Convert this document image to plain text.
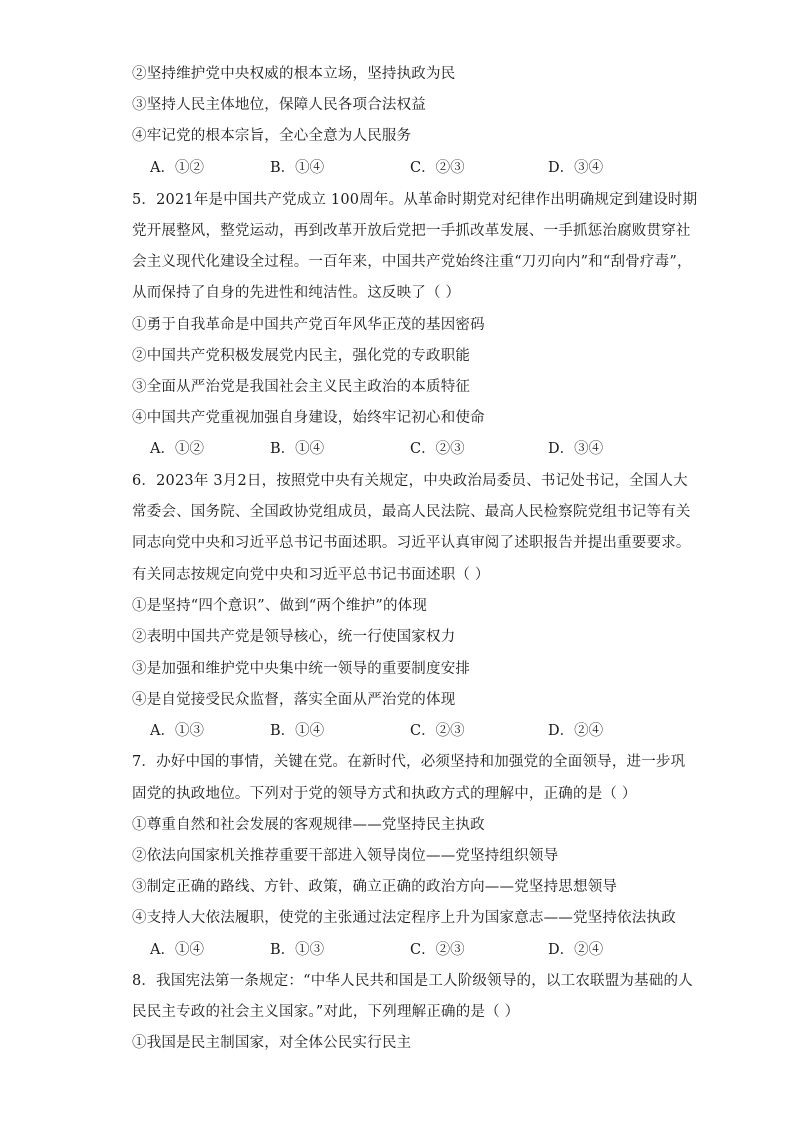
②坚持维护党中央权威的根本立场，坚持执政为民
③坚持人民主体地位，保障人民各项合法权益
④牢记党的根本宗旨，全心全意为人民服务
A．①②	B．①④	C．②③	D．③④
5．2021年是中国共产党成立 100周年。从革命时期党对纪律作出明确规定到建设时期
党开展整风，整党运动，再到改革开放后党把一手抓改革发展、一手抓惩治腐败贯穿社
会主义现代化建设全过程。一百年来，中国共产党始终注重“刀刃向内”和“刮骨疗毒”，
从而保持了自身的先进性和纯洁性。这反映了（ ）
①勇于自我革命是中国共产党百年风华正茂的基因密码
②中国共产党积极发展党内民主，强化党的专政职能
③全面从严治党是我国社会主义民主政治的本质特征
④中国共产党重视加强自身建设，始终牢记初心和使命
A．①②	B．①④	C．②③	D．③④
6．2023年 3月2日，按照党中央有关规定，中央政治局委员、书记处书记，全国人大
常委会、国务院、全国政协党组成员，最高人民法院、最高人民检察院党组书记等有关
同志向党中央和习近平总书记书面述职。习近平认真审阅了述职报告并提出重要要求。
有关同志按规定向党中央和习近平总书记书面述职（ ）
①是坚持“四个意识”、做到“两个维护”的体现
②表明中国共产党是领导核心，统一行使国家权力
③是加强和维护党中央集中统一领导的重要制度安排
④是自觉接受民众监督，落实全面从严治党的体现
A．①③	B．①④	C．②③	D．②④
7．办好中国的事情，关键在党。在新时代，必须坚持和加强党的全面领导，进一步巩
固党的执政地位。下列对于党的领导方式和执政方式的理解中，正确的是（ ）
①尊重自然和社会发展的客观规律——党坚持民主执政
②依法向国家机关推荐重要干部进入领导岗位——党坚持组织领导
③制定正确的路线、方针、政策，确立正确的政治方向——党坚持思想领导
④支持人大依法履职，使党的主张通过法定程序上升为国家意志——党坚持依法执政
A．①④	B．①③	C．②③	D．②④
8．我国宪法第一条规定：“中华人民共和国是工人阶级领导的，以工农联盟为基础的人
民民主专政的社会主义国家。”对此，下列理解正确的是（ ）
①我国是民主制国家，对全体公民实行民主
